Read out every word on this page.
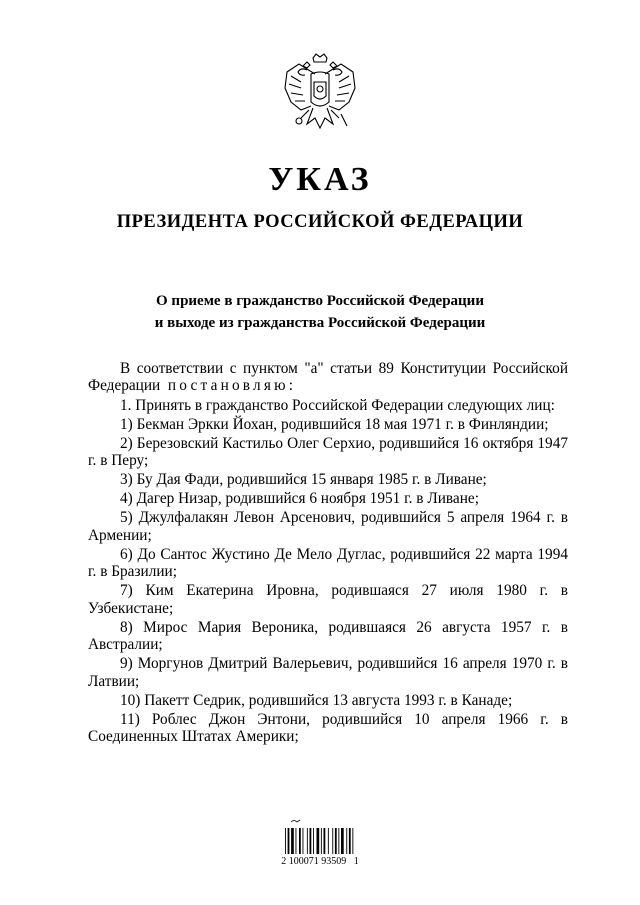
УКАЗ
ПРЕЗИДЕНТА РОССИЙСКОЙ ФЕДЕРАЦИИ
О приеме в гражданство Российской Федерации
и выходе из гражданства Российской Федерации

В соответствии с пунктом "а" статьи 89 Конституции Российской Федерации постановляю:

1. Принять в гражданство Российской Федерации следующих лиц:

1) Бекман Эркки Йохан, родившийся 18 мая 1971 г. в Финляндии;

2) Березовский Кастильо Олег Серхио, родившийся 16 октября 1947 г. в Перу;

3) Бу Дая Фади, родившийся 15 января 1985 г. в Ливане;

4) Дагер Низар, родившийся 6 ноября 1951 г. в Ливане;

5) Джулфалакян Левон Арсенович, родившийся 5 апреля 1964 г. в Армении;

6) До Сантос Жустино Де Мело Дуглас, родившийся 22 марта 1994 г. в Бразилии;

7) Ким Екатерина Ировна, родившаяся 27 июля 1980 г. в Узбекистане;

8) Мирос Мария Вероника, родившаяся 26 августа 1957 г. в Австралии;

9) Моргунов Дмитрий Валерьевич, родившийся 16 апреля 1970 г. в Латвии;

10) Пакетт Седрик, родившийся 13 августа 1993 г. в Канаде;

11) Роблес Джон Энтони, родившийся 10 апреля 1966 г. в Соединенных Штатах Америки;

2 100071 93509   1
